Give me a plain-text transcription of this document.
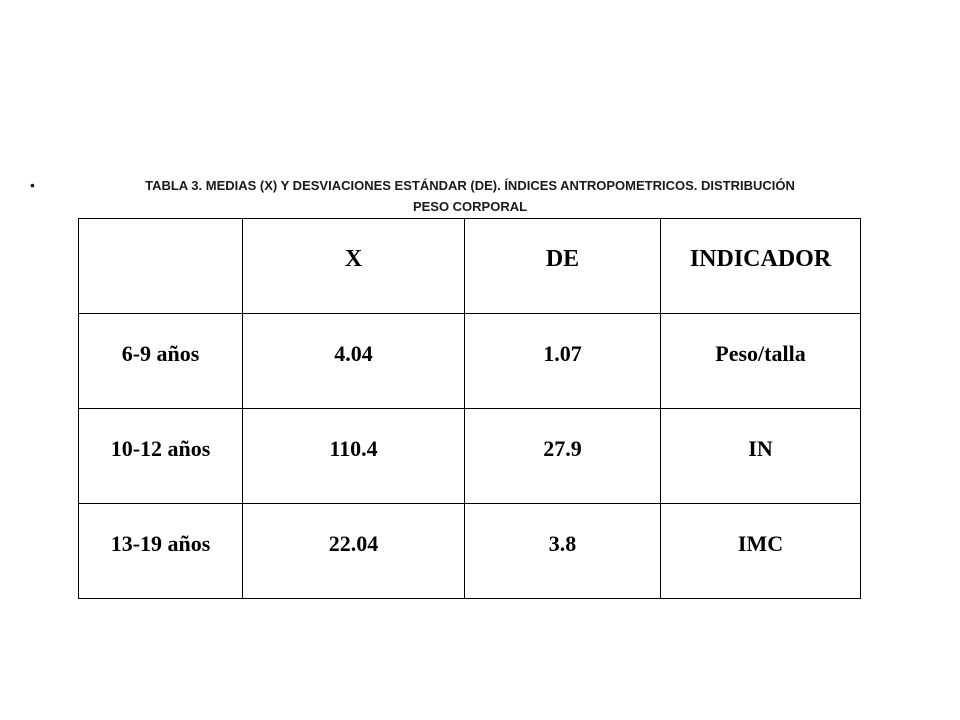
•	TABLA 3. MEDIAS (X) Y DESVIACIONES ESTÁNDAR (DE). ÍNDICES ANTROPOMETRICOS. DISTRIBUCIÓN
PESO CORPORAL
	X	DE	INDICADOR
6-9 años	4.04	1.07	Peso/talla
10-12 años	110.4	27.9	IN
13-19 años	22.04	3.8	IMC
